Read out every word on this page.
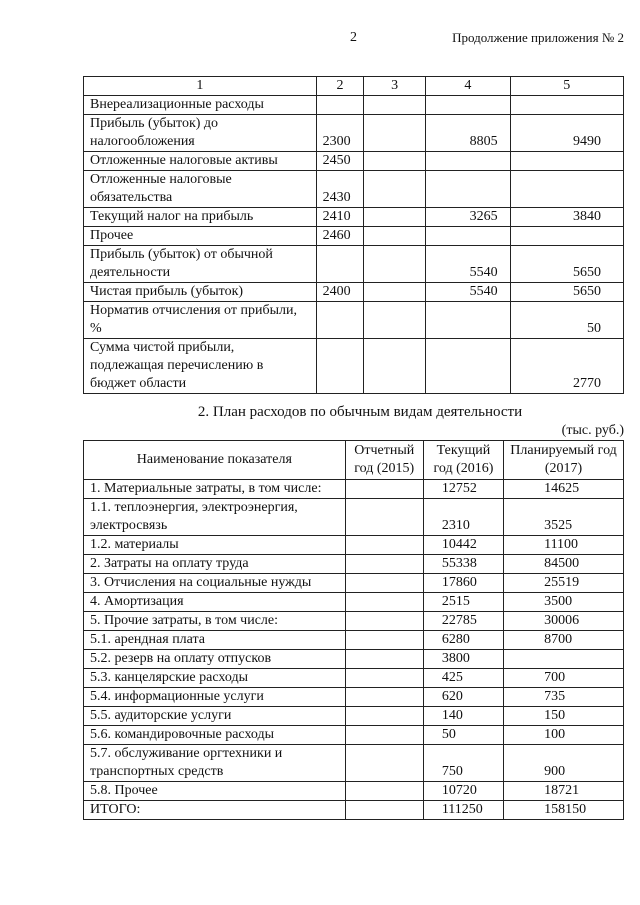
2	Продолжение приложения № 2
1	2	3	4	5
Внереализационные расходы				
Прибыль (убыток) до налогообложения	2300		8805	9490
Отложенные налоговые активы	2450			
Отложенные налоговые обязательства	2430			
Текущий налог на прибыль	2410		3265	3840
Прочее	2460			
Прибыль (убыток) от обычной деятельности			5540	5650
Чистая прибыль (убыток)	2400		5540	5650
Норматив отчисления от прибыли, %				50
Сумма чистой прибыли, подлежащая перечислению в бюджет области				2770
2. План расходов по обычным видам деятельности
(тыс. руб.)
Наименование показателя	Отчетный год (2015)	Текущий год (2016)	Планируемый год (2017)
1. Материальные затраты, в том числе:		12752	14625
1.1. теплоэнергия, электроэнергия, электросвязь		2310	3525
1.2. материалы		10442	11100
2. Затраты на оплату труда		55338	84500
3. Отчисления на социальные нужды		17860	25519
4. Амортизация		2515	3500
5. Прочие затраты, в том числе:		22785	30006
5.1. арендная плата		6280	8700
5.2. резерв на оплату отпусков		3800	
5.3. канцелярские расходы		425	700
5.4. информационные услуги		620	735
5.5. аудиторские услуги		140	150
5.6. командировочные расходы		50	100
5.7. обслуживание оргтехники и транспортных средств		750	900
5.8. Прочее		10720	18721
ИТОГО:		111250	158150
